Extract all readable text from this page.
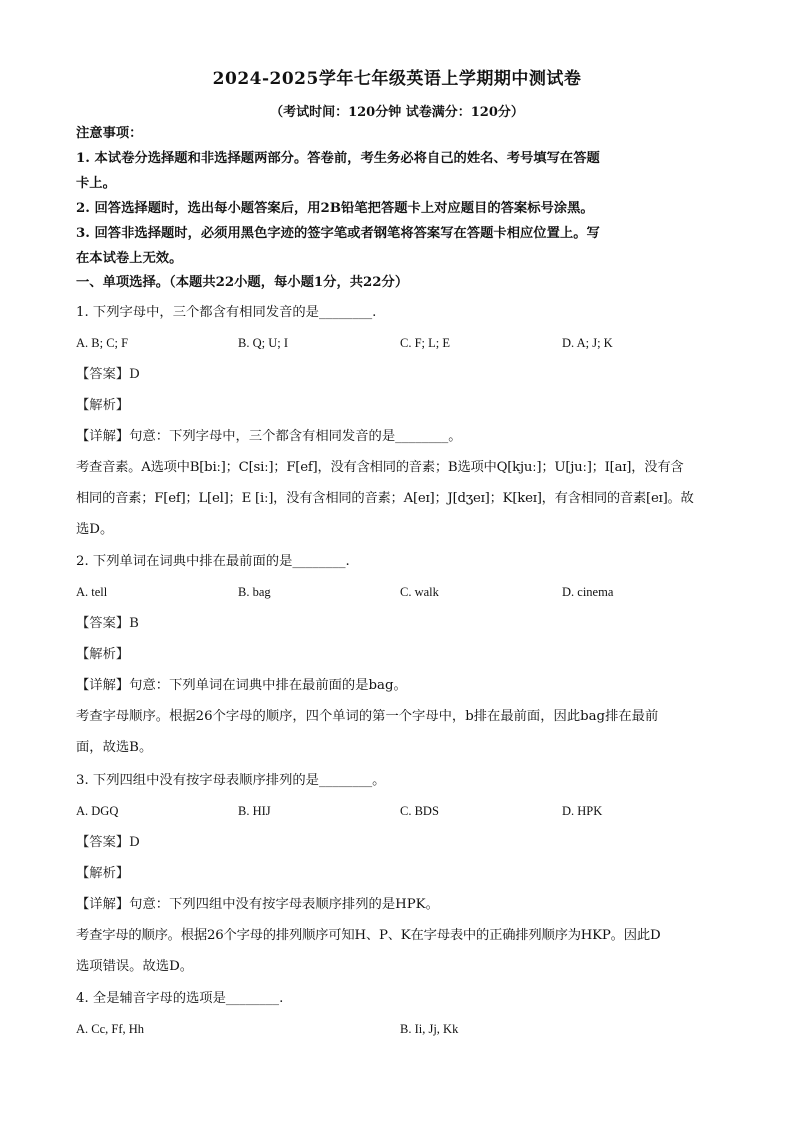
2024-2025学年七年级英语上学期期中测试卷
（考试时间：120分钟 试卷满分：120分）
注意事项：
1. 本试卷分选择题和非选择题两部分。答卷前，考生务必将自己的姓名、考号填写在答题
卡上。
2. 回答选择题时，选出每小题答案后，用2B铅笔把答题卡上对应题目的答案标号涂黑。
3. 回答非选择题时，必须用黑色字迹的签字笔或者钢笔将答案写在答题卡相应位置上。写
在本试卷上无效。
一、单项选择。（本题共22小题，每小题1分，共22分）
1. 下列字母中，三个都含有相同发音的是________.
A. B; C; F	B. Q; U; I	C. F; L; E	D. A; J; K
【答案】D
【解析】
【详解】句意：下列字母中，三个都含有相同发音的是________。
考查音素。A选项中B[biː]；C[siː]；F[ef]，没有含相同的音素；B选项中Q[kjuː]；U[juː]；I[aɪ]，没有含
相同的音素；F[ef]；L[el]；E [iː]，没有含相同的音素；A[eɪ]；J[dʒeɪ]；K[keɪ]，有含相同的音素[eɪ]。故
选D。
2. 下列单词在词典中排在最前面的是________.
A. tell	B. bag	C. walk	D. cinema
【答案】B
【解析】
【详解】句意：下列单词在词典中排在最前面的是bag。
考查字母顺序。根据26个字母的顺序，四个单词的第一个字母中，b排在最前面，因此bag排在最前
面，故选B。
3. 下列四组中没有按字母表顺序排列的是________。
A. DGQ	B. HIJ	C. BDS	D. HPK
【答案】D
【解析】
【详解】句意：下列四组中没有按字母表顺序排列的是HPK。
考查字母的顺序。根据26个字母的排列顺序可知H、P、K在字母表中的正确排列顺序为HKP。因此D
选项错误。故选D。
4. 全是辅音字母的选项是________.
A. Cc, Ff, Hh	B. Ii, Jj, Kk
